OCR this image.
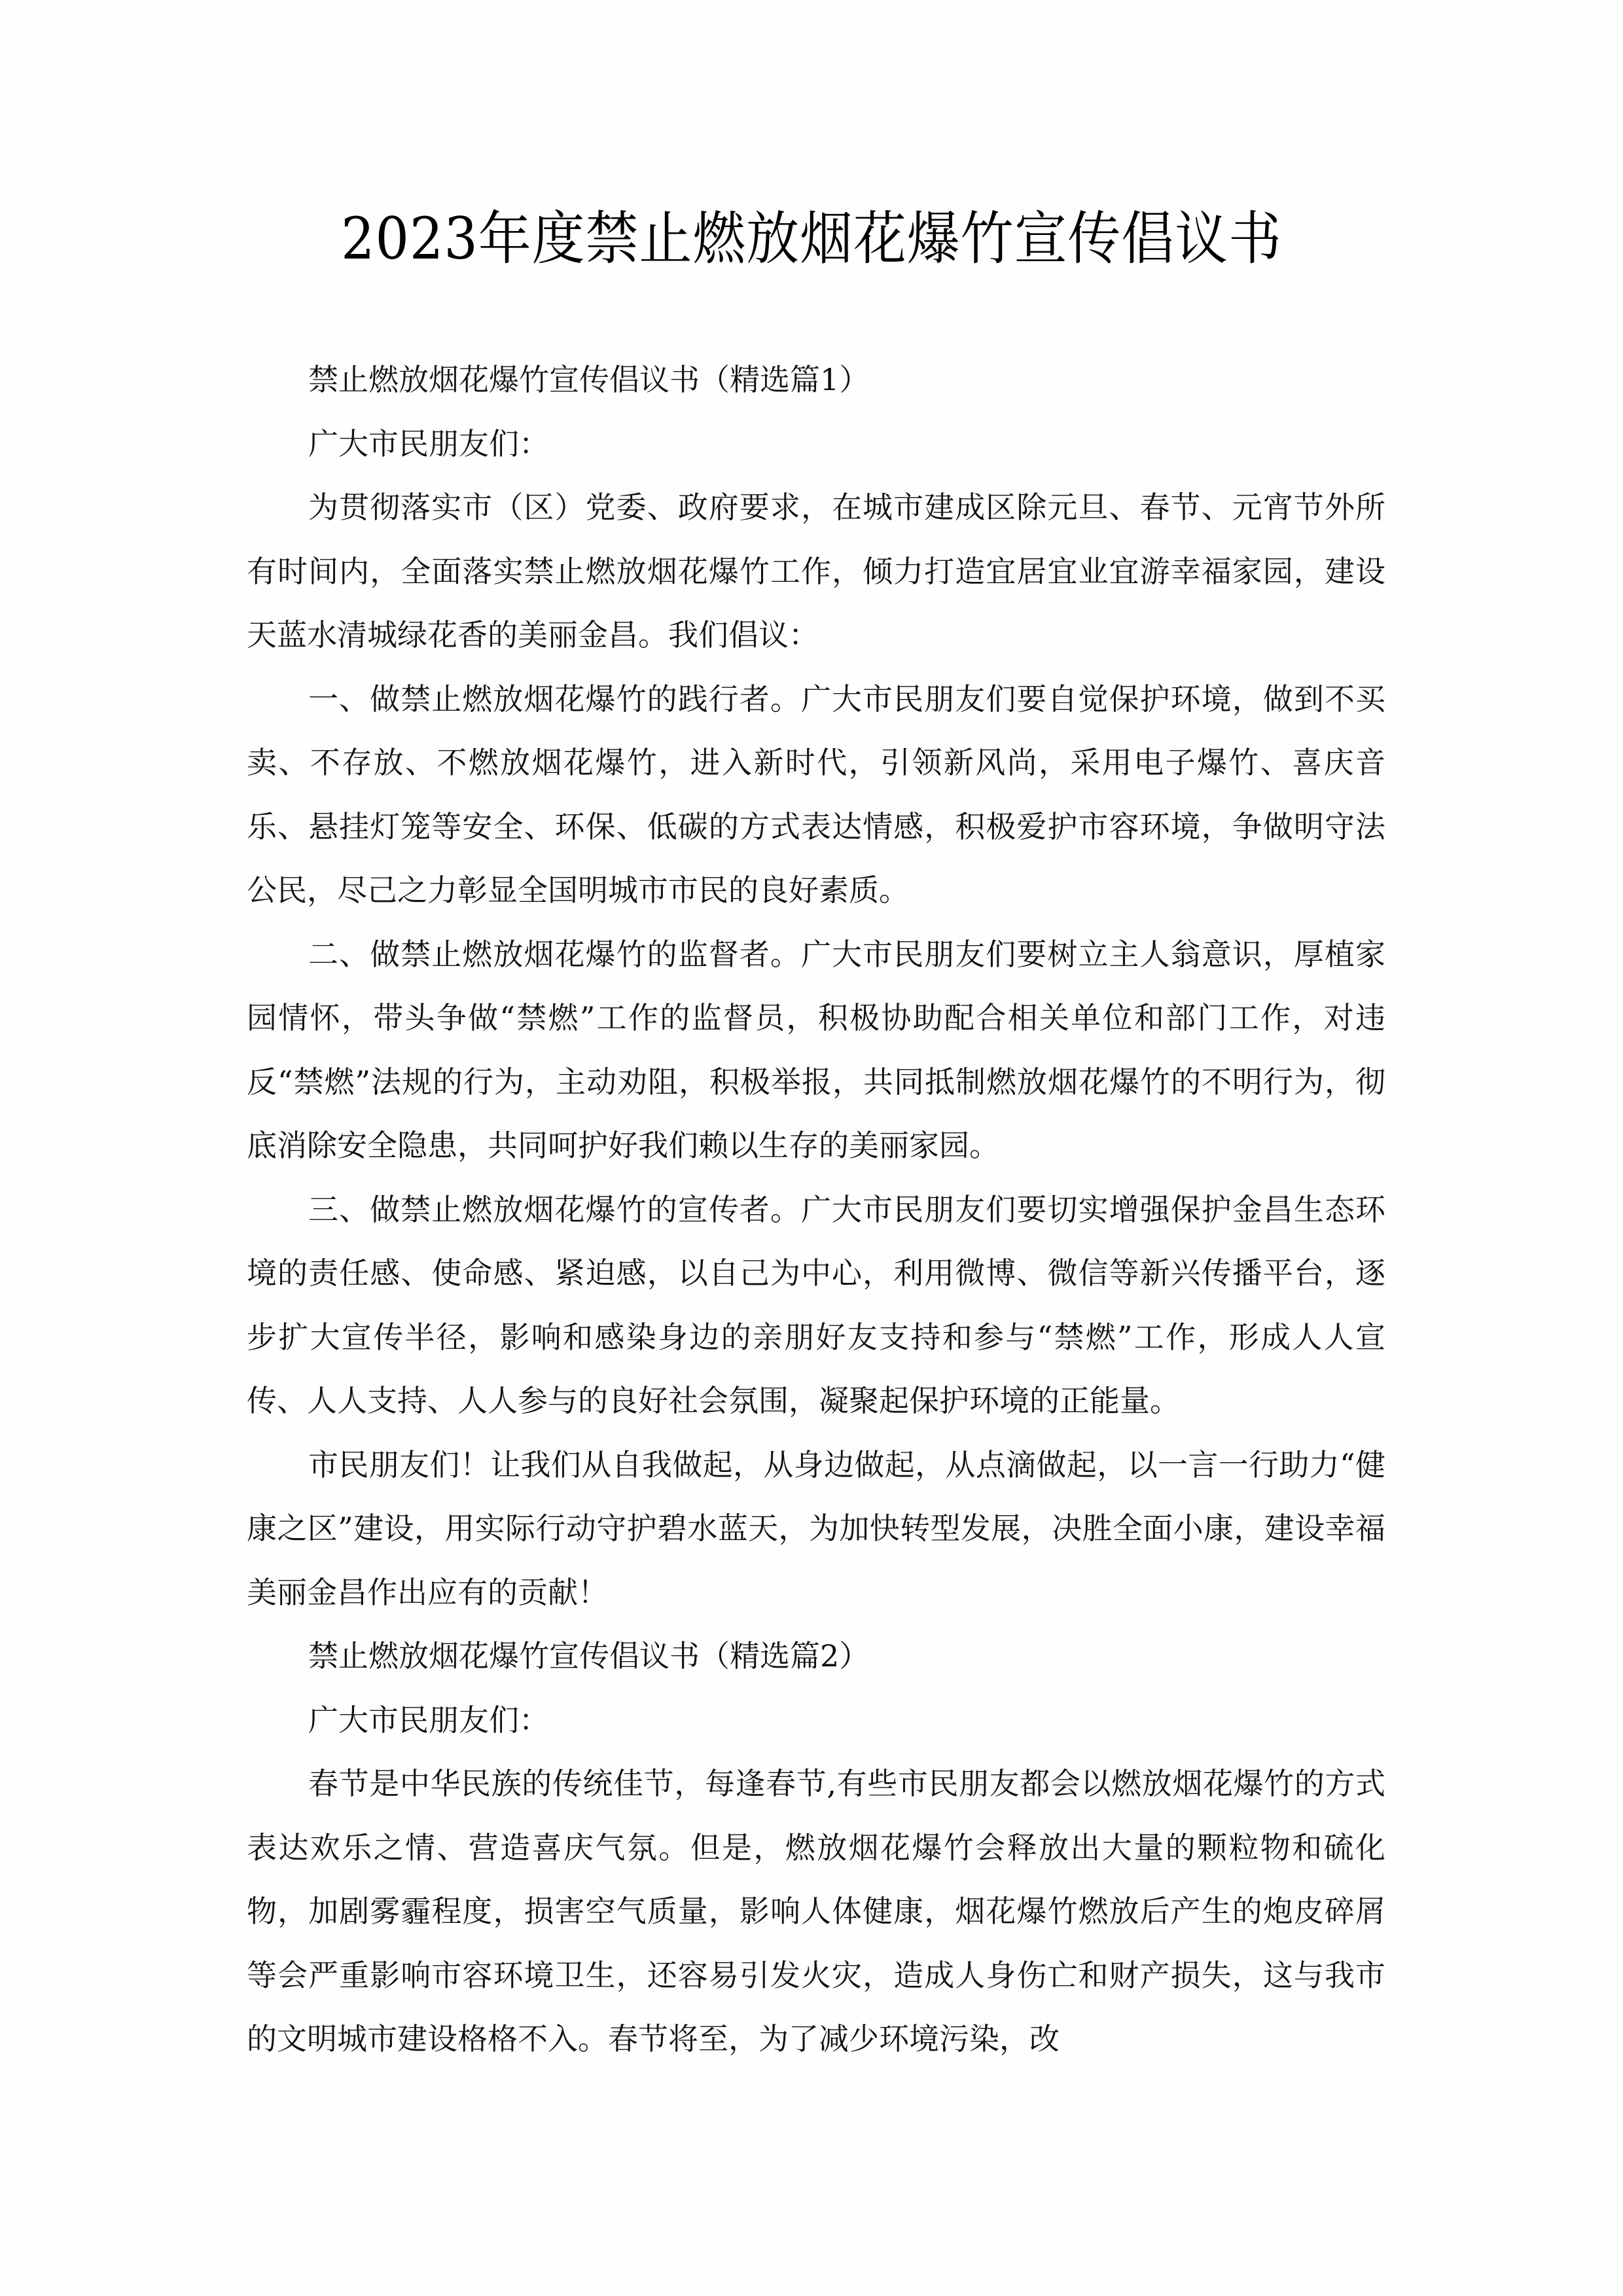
2023年度禁止燃放烟花爆竹宣传倡议书

禁止燃放烟花爆竹宣传倡议书（精选篇1）

广大市民朋友们：

为贯彻落实市（区）党委、政府要求，在城市建成区除元旦、春节、元宵节外所有时间内，全面落实禁止燃放烟花爆竹工作，倾力打造宜居宜业宜游幸福家园，建设天蓝水清城绿花香的美丽金昌。我们倡议：

一、做禁止燃放烟花爆竹的践行者。广大市民朋友们要自觉保护环境，做到不买卖、不存放、不燃放烟花爆竹，进入新时代，引领新风尚，采用电子爆竹、喜庆音乐、悬挂灯笼等安全、环保、低碳的方式表达情感，积极爱护市容环境，争做明守法公民，尽己之力彰显全国明城市市民的良好素质。

二、做禁止燃放烟花爆竹的监督者。广大市民朋友们要树立主人翁意识，厚植家园情怀，带头争做“禁燃”工作的监督员，积极协助配合相关单位和部门工作，对违反“禁燃”法规的行为，主动劝阻，积极举报，共同抵制燃放烟花爆竹的不明行为，彻底消除安全隐患，共同呵护好我们赖以生存的美丽家园。

三、做禁止燃放烟花爆竹的宣传者。广大市民朋友们要切实增强保护金昌生态环境的责任感、使命感、紧迫感，以自己为中心，利用微博、微信等新兴传播平台，逐步扩大宣传半径，影响和感染身边的亲朋好友支持和参与“禁燃”工作，形成人人宣传、人人支持、人人参与的良好社会氛围，凝聚起保护环境的正能量。

市民朋友们！让我们从自我做起，从身边做起，从点滴做起，以一言一行助力“健康之区”建设，用实际行动守护碧水蓝天，为加快转型发展，决胜全面小康，建设幸福美丽金昌作出应有的贡献！

禁止燃放烟花爆竹宣传倡议书（精选篇2）

广大市民朋友们：

春节是中华民族的传统佳节，每逢春节,有些市民朋友都会以燃放烟花爆竹的方式表达欢乐之情、营造喜庆气氛。但是，燃放烟花爆竹会释放出大量的颗粒物和硫化物，加剧雾霾程度，损害空气质量，影响人体健康，烟花爆竹燃放后产生的炮皮碎屑等会严重影响市容环境卫生，还容易引发火灾，造成人身伤亡和财产损失，这与我市的文明城市建设格格不入。春节将至，为了减少环境污染，改
